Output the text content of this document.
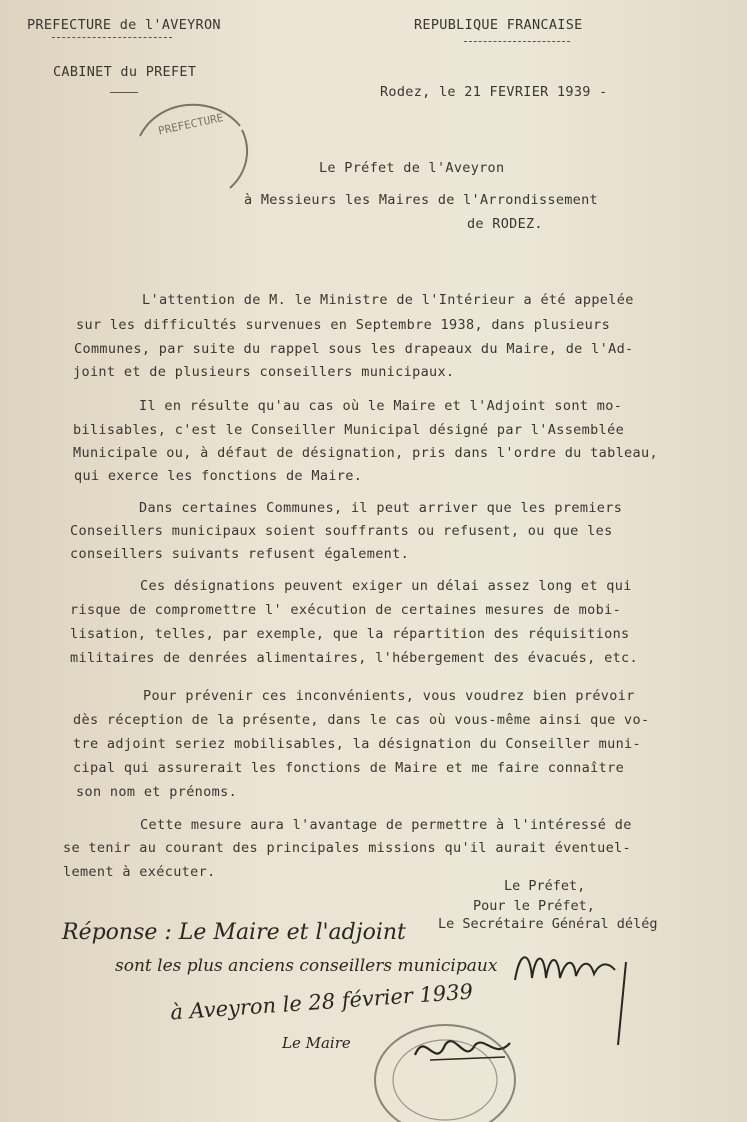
PREFECTURE de l'AVEYRON	REPUBLIQUE FRANCAISE
CABINET du PREFET
Rodez, le 21 FEVRIER 1939 -
PREFECTURE
Le Préfet de l'Aveyron
à Messieurs les Maires de l'Arrondissement
de RODEZ.
L'attention de M. le Ministre de l'Intérieur a été appelée
sur les difficultés survenues en Septembre 1938, dans plusieurs
Communes, par suite du rappel sous les drapeaux du Maire, de l'Ad-
joint et de plusieurs conseillers municipaux.
Il en résulte qu'au cas où le Maire et l'Adjoint sont mo-
bilisables, c'est le Conseiller Municipal désigné par l'Assemblée
Municipale ou, à défaut de désignation, pris dans l'ordre du tableau,
qui exerce les fonctions de Maire.
Dans certaines Communes, il peut arriver que les premiers
Conseillers municipaux soient souffrants ou refusent, ou que les
conseillers suivants refusent également.
Ces désignations peuvent exiger un délai assez long et qui
risque de compromettre l' exécution de certaines mesures de mobi-
lisation, telles, par exemple, que la répartition des réquisitions
militaires de denrées alimentaires, l'hébergement des évacués, etc.
Pour prévenir ces inconvénients, vous voudrez bien prévoir
dès réception de la présente, dans le cas où vous-même ainsi que vo-
tre adjoint seriez mobilisables, la désignation du Conseiller muni-
cipal qui assurerait les fonctions de Maire et me faire connaître
son nom et prénoms.
Cette mesure aura l'avantage de permettre à l'intéressé de
se tenir au courant des principales missions qu'il aurait éventuel-
lement à exécuter.
Le Préfet,
Pour le Préfet,
Le Secrétaire Général délég
Réponse : Le Maire et l'adjoint
sont les plus anciens conseillers municipaux
à Aveyron le 28 février 1939
Le Maire
